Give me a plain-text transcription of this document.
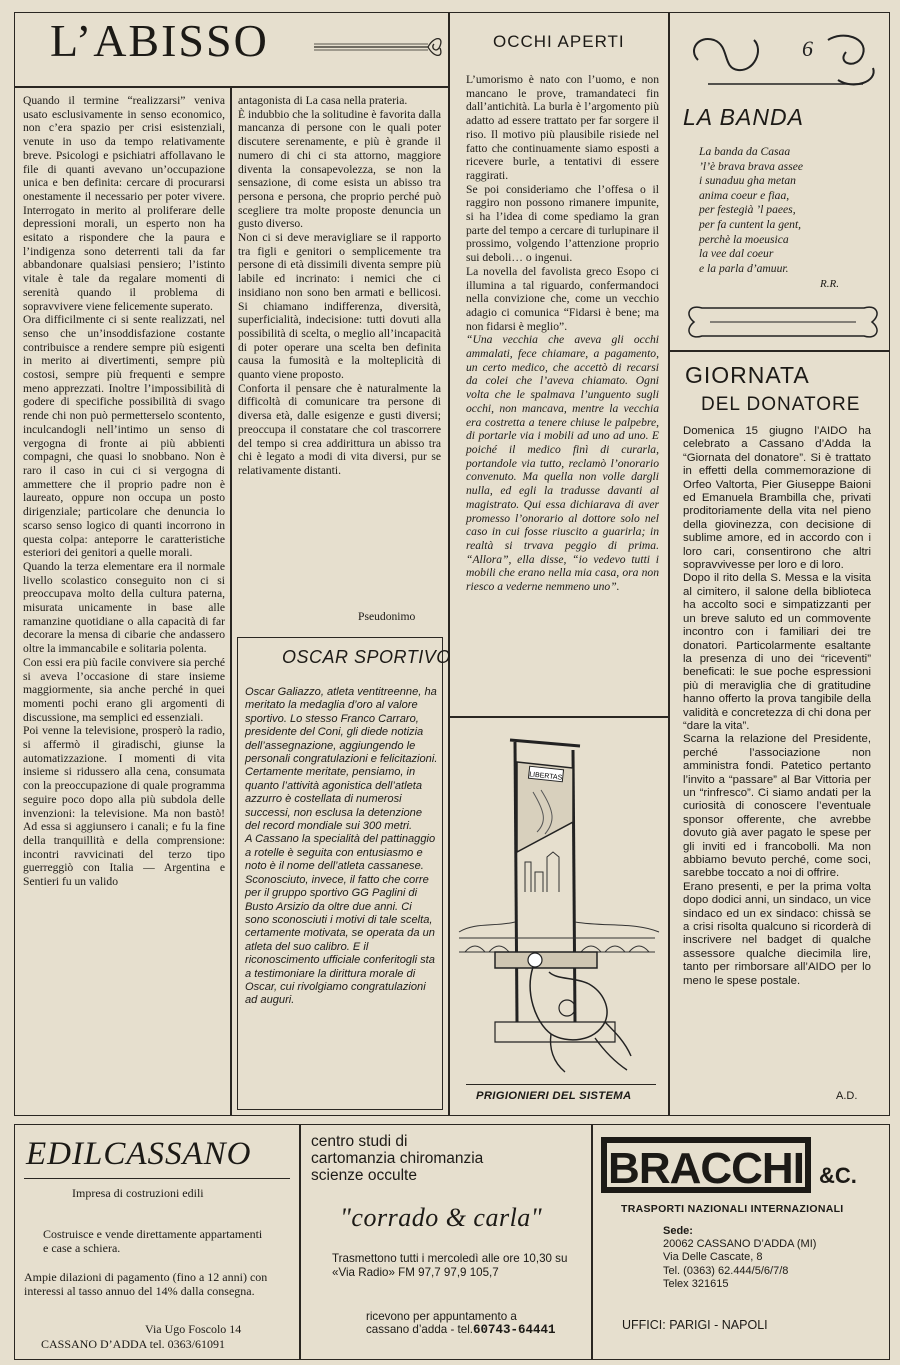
L’ABISSO

Quando il termine “realizzarsi” veniva usato esclusivamente in senso economico, non c’era spazio per crisi esistenziali, venute in uso da tempo relativamente breve. Psicologi e psichiatri affollavano le file di quanti avevano un’occupazione unica e ben definita: cercare di procurarsi onestamente il necessario per poter vivere. Interrogato in merito al proliferare delle depressioni morali, un esperto non ha esitato a rispondere che la paura e l’indigenza sono deterrenti tali da far abbandonare qualsiasi pensiero; l’istinto vitale è tale da regalare momenti di serenità quando il problema di sopravvivere viene felicemente superato.

Ora difficilmente ci si sente realizzati, nel senso che un’insoddisfazione costante contribuisce a rendere sempre più esigenti in merito ai divertimenti, sempre più costosi, sempre più frequenti e sempre meno apprezzati. Inoltre l’impossibilità di godere di specifiche possibilità di svago rende chi non può permetterselo scontento, inculcandogli nell’intimo un senso di vergogna di fronte ai più abbienti compagni, che quasi lo snobbano. Non è raro il caso in cui ci si vergogna di ammettere che il proprio padre non è laureato, oppure non occupa un posto dirigenziale; particolare che denuncia lo scarso senso logico di quanti incorrono in questa colpa: anteporre le caratteristiche esteriori dei genitori a quelle morali.

Quando la terza elementare era il normale livello scolastico conseguito non ci si preoccupava molto della cultura paterna, misurata unicamente in base alle ramanzine quotidiane o alla capacità di far decorare la mensa di cibarie che andassero oltre la immancabile e solitaria polenta.

Con essi era più facile convivere sia perché si aveva l’occasione di stare insieme maggiormente, sia anche perché in quei momenti pochi erano gli argomenti di discussione, ma semplici ed essenziali.

Poi venne la televisione, prosperò la radio, si affermò il giradischi, giunse la automatizzazione. I momenti di vita insieme si ridussero alla cena, consumata con la preoccupazione di quale programma seguire poco dopo alla più subdola delle invenzioni: la televisione. Ma non bastò! Ad essa si aggiunsero i canali; e fu la fine della tranquillità e della comprensione: incontri ravvicinati del terzo tipo guerreggiò con Italia — Argentina e Sentieri fu un valido

antagonista di La casa nella prateria.

È indubbio che la solitudine è favorita dalla mancanza di persone con le quali poter discutere serenamente, e più è grande il numero di chi ci sta attorno, maggiore diventa la consapevolezza, se non la sensazione, di come esista un abisso tra persona e persona, che proprio perché può scegliere tra molte proposte denuncia un gusto diverso.

Non ci si deve meravigliare se il rapporto tra figli e genitori o semplicemente tra persone di età dissimili diventa sempre più labile ed incrinato: i nemici che ci insidiano non sono ben armati e bellicosi. Si chiamano indifferenza, diversità, superficialità, indecisione: tutti dovuti alla possibilità di scelta, o meglio all’incapacità di poter operare una scelta ben definita causa la fumosità e la molteplicità di quanto viene proposto.

Conforta il pensare che è naturalmente la difficoltà di comunicare tra persone di diversa età, dalle esigenze e gusti diversi; preoccupa il constatare che col trascorrere del tempo si crea addirittura un abisso tra chi è legato a modi di vita diversi, pur se relativamente distanti.

Pseudonimo
OSCAR SPORTIVO

Oscar Galiazzo, atleta ventitreenne, ha meritato la medaglia d’oro al valore sportivo. Lo stesso Franco Carraro, presidente del Coni, gli diede notizia dell’assegnazione, aggiungendo le personali congratulazioni e felicitazioni.

Certamente meritate, pensiamo, in quanto l’attività agonistica dell’atleta azzurro è costellata di numerosi successi, non esclusa la detenzione del record mondiale sui 300 metri.

A Cassano la specialità del pattinaggio a rotelle è seguita con entusiasmo e noto è il nome dell’atleta cassanese. Sconosciuto, invece, il fatto che corre per il gruppo sportivo GG Paglini di Busto Arsizio da oltre due anni. Ci sono sconosciuti i motivi di tale scelta, certamente motivata, se operata da un atleta del suo calibro. E il riconoscimento ufficiale conferitogli sta a testimoniare la dirittura morale di Oscar, cui rivolgiamo congratulazioni ad auguri.

OCCHI APERTI

L’umorismo è nato con l’uomo, e non mancano le prove, tramandateci fin dall’antichità. La burla è l’argomento più adatto ad essere trattato per far sorgere il riso. Il motivo più plausibile risiede nel fatto che continuamente siamo esposti a ricevere burle, a tentativi di essere raggirati.

Se poi consideriamo che l’offesa o il raggiro non possono rimanere impunite, si ha l’idea di come spediamo la gran parte del tempo a cercare di turlupinare il prossimo, volgendo l’attenzione proprio sui deboli… o ingenui.

La novella del favolista greco Esopo ci illumina a tal riguardo, confermandoci nella convizione che, come un vecchio adagio ci comunica “Fidarsi è bene; ma non fidarsi è meglio”.

“Una vecchia che aveva gli occhi ammalati, fece chiamare, a pagamento, un certo medico, che accettò di recarsi da colei che l’aveva chiamato. Ogni volta che le spalmava l’unguento sugli occhi, non mancava, mentre la vecchia era costretta a tenere chiuse le palpebre, di portarle via i mobili ad uno ad uno. E poiché il medico finì di curarla, portandole via tutto, reclamò l’onorario convenuto. Ma quella non volle dargli nulla, ed egli la tradusse davanti al magistrato. Qui essa dichiarava di aver promesso l’onorario al dottore solo nel caso in cui fosse riuscito a guarirla; in realtà si trvava peggio di prima. “Allora”, ella disse, “io vedevo tutti i mobili che erano nella mia casa, ora non riesco a vederne nemmeno uno”.

LIBERTAS
PRIGIONIERI DEL SISTEMA
6
LA BANDA
La banda da Casaa
’l’è brava brava assee
i sunaduu gha metan
anima coeur e fiaa,
per festegià ’l paees,
per fa cuntent la gent,
perchè la moeusica
la vee dal coeur
e la parla d’amuur.
R.R.
GIORNATA
DEL DONATORE

Domenica 15 giugno l’AIDO ha celebrato a Cassano d’Adda la “Giornata del donatore”. Si è trattato in effetti della commemorazione di Orfeo Valtorta, Pier Giuseppe Baioni ed Emanuela Brambilla che, privati proditoriamente della vita nel pieno della giovinezza, con decisione di sublime amore, ed in accordo con i loro cari, consentirono che altri sopravvivesse per loro e di loro.

Dopo il rito della S. Messa e la visita al cimitero, il salone della biblioteca ha accolto soci e simpatizzanti per un breve saluto ed un commovente incontro con i familiari dei tre donatori. Particolarmente esaltante la presenza di uno dei “riceventi” beneficati: le sue poche espressioni più di meraviglia che di gratitudine hanno offerto la prova tangibile della validità e concretezza di chi dona per “dare la vita”.

Scarna la relazione del Presidente, perché l’associazione non amministra fondi. Patetico pertanto l’invito a “passare” al Bar Vittoria per un “rinfresco”. Ci siamo andati per la curiosità di conoscere l’eventuale sponsor offerente, che avrebbe dovuto già aver pagato le spese per gli inviti ed i francobolli. Ma non abbiamo bevuto perché, come soci, sarebbe toccato a noi di offrire.

Erano presenti, e per la prima volta dopo dodici anni, un sindaco, un vice sindaco ed un ex sindaco: chissà se a crisi risolta qualcuno si ricorderà di inscrivere nel badget di qualche assessore qualche diecimila lire, tanto per rimborsare all’AIDO per lo meno le spese postale.

A.D.
EDILCASSANO
Impresa di costruzioni edili
Costruisce e vende direttamente appartamenti e case a schiera.
Ampie dilazioni di pagamento (fino a 12 anni) con interessi al tasso annuo del 14% dalla consegna.
Via Ugo Foscolo 14
CASSANO D’ADDA tel. 0363/61091
centro studi di
cartomanzia chiromanzia
scienze occulte
"corrado & carla"
Trasmettono tutti i mercoledì alle ore 10,30 su «Via Radio» FM 97,7 97,9 105,7
ricevono per appuntamento a
cassano d’adda - tel.60743-64441
BRACCHI &C.
TRASPORTI NAZIONALI INTERNAZIONALI
Sede:
20062 CASSANO D’ADDA (MI)
Via Delle Cascate, 8
Tel. (0363) 62.444/5/6/7/8
Telex 321615
UFFICI: PARIGI - NAPOLI
